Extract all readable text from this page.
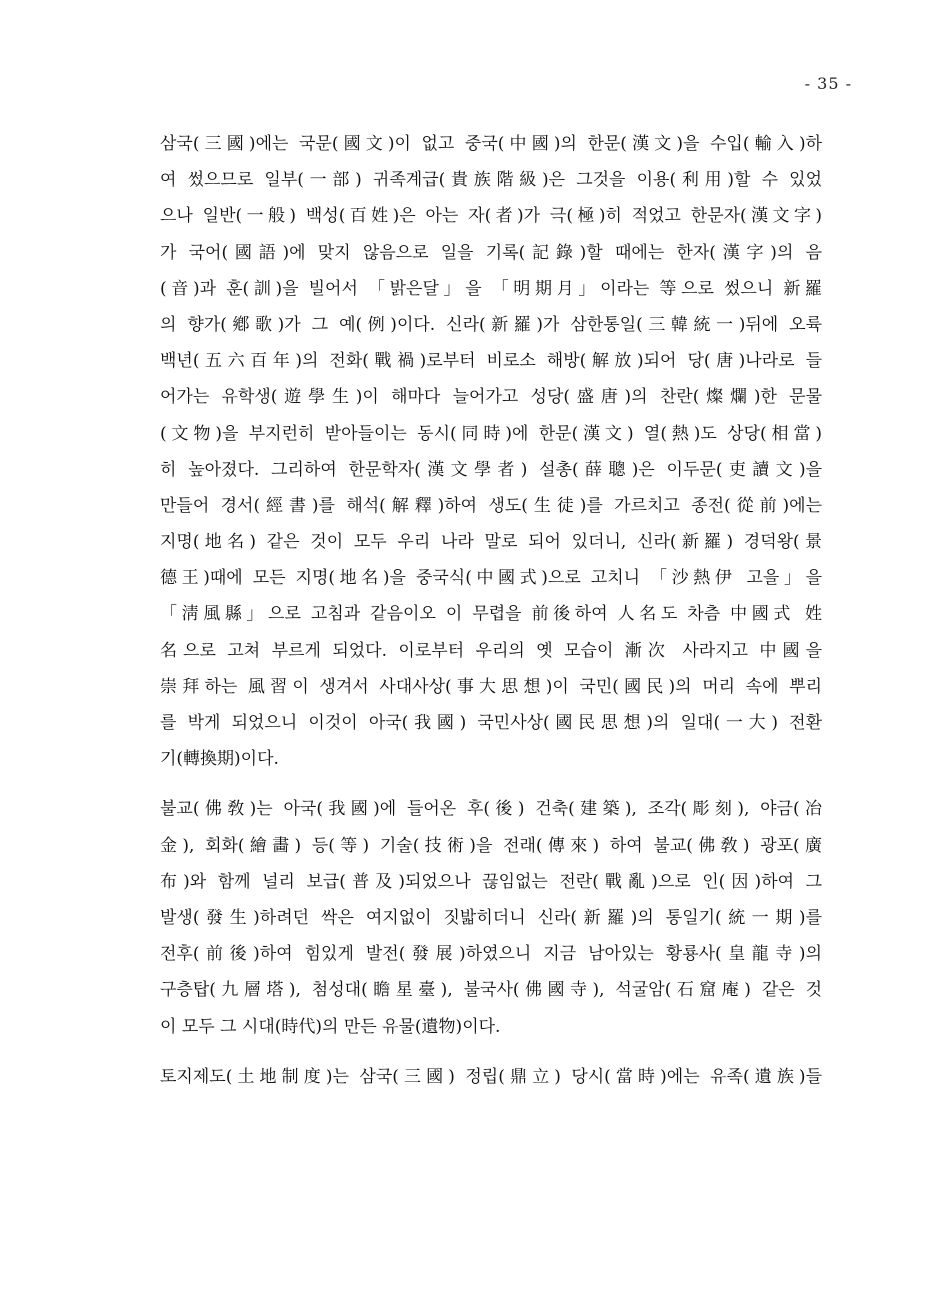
- 35 -
삼국(三國)에는 국문(國文)이 없고 중국(中國)의 한문(漢文)을 수입(輸入)하
여 썼으므로 일부(一部) 귀족계급(貴族階級)은 그것을 이용(利用)할 수 있었
으나 일반(一般) 백성(百姓)은 아는 자(者)가 극(極)히 적었고 한문자(漢文字)
가 국어(國語)에 맞지 않음으로 일을 기록(記錄)할 때에는 한자(漢字)의 음
(音)과 훈(訓)을 빌어서 「밝은달」을 「明期月」이라는 等으로 썼으니 新羅
의 향가(鄕歌)가 그 예(例)이다. 신라(新羅)가 삼한통일(三韓統一)뒤에 오륙
백년(五六百年)의 전화(戰禍)로부터 비로소 해방(解放)되어 당(唐)나라로 들
어가는 유학생(遊學生)이 해마다 늘어가고 성당(盛唐)의 찬란(燦爛)한 문물
(文物)을 부지런히 받아들이는 동시(同時)에 한문(漢文) 열(熱)도 상당(相當)
히 높아졌다. 그리하여 한문학자(漢文學者) 설총(薛聰)은 이두문(吏讀文)을
만들어 경서(經書)를 해석(解釋)하여 생도(生徒)를 가르치고 종전(從前)에는
지명(地名) 같은 것이 모두 우리 나라 말로 되어 있더니, 신라(新羅) 경덕왕(景
德王)때에 모든 지명(地名)을 중국식(中國式)으로 고치니 「沙熱伊 고을」을
「淸風縣」으로 고침과 같음이오 이 무렵을 前後하여 人名도 차츰 中國式 姓
名으로 고쳐 부르게 되었다. 이로부터 우리의 옛 모습이 漸次 사라지고 中國을
崇拜하는 風習이 생겨서 사대사상(事大思想)이 국민(國民)의 머리 속에 뿌리
를 박게 되었으니 이것이 아국(我國) 국민사상(國民思想)의 일대(一大) 전환
기(轉換期)이다.
불교(佛敎)는 아국(我國)에 들어온 후(後) 건축(建築), 조각(彫刻), 야금(冶
金), 회화(繪畵) 등(等) 기술(技術)을 전래(傳來) 하여 불교(佛敎) 광포(廣
布)와 함께 널리 보급(普及)되었으나 끊임없는 전란(戰亂)으로 인(因)하여 그
발생(發生)하려던 싹은 여지없이 짓밟히더니 신라(新羅)의 통일기(統一期)를
전후(前後)하여 힘있게 발전(發展)하였으니 지금 남아있는 황룡사(皇龍寺)의
구층탑(九層塔), 첨성대(瞻星臺), 불국사(佛國寺), 석굴암(石窟庵) 같은 것
이 모두 그 시대(時代)의 만든 유물(遺物)이다.
토지제도(土地制度)는 삼국(三國) 정립(鼎立) 당시(當時)에는 유족(遺族)들
